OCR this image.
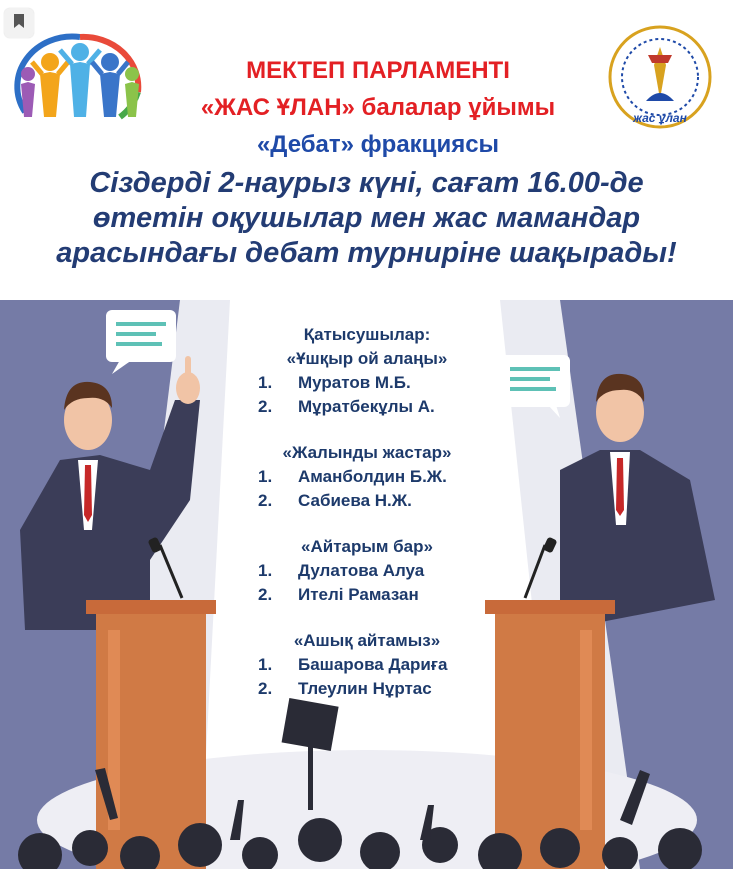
жас ұлан
МЕКТЕП ПАРЛАМЕНТІ
«ЖАС ҰЛАН» балалар ұйымы
«Дебат» фракциясы
Сіздерді 2-наурыз күні, сағат 16.00-де
өтетін оқушылар мен жас мамандар
арасындағы дебат турниріне шақырады!
Қатысушылар:
«Ұшқыр ой алаңы»
1.	Муратов М.Б.
2.	Мұратбекұлы А.
«Жалынды жастар»
1.	Аманболдин Б.Ж.
2.	Сабиева Н.Ж.
«Айтарым бар»
1.	Дулатова Алуа
2.	Ителі Рамазан
«Ашық айтамыз»
1.	Башарова Дариға
2.	Тлеулин Нұртас
